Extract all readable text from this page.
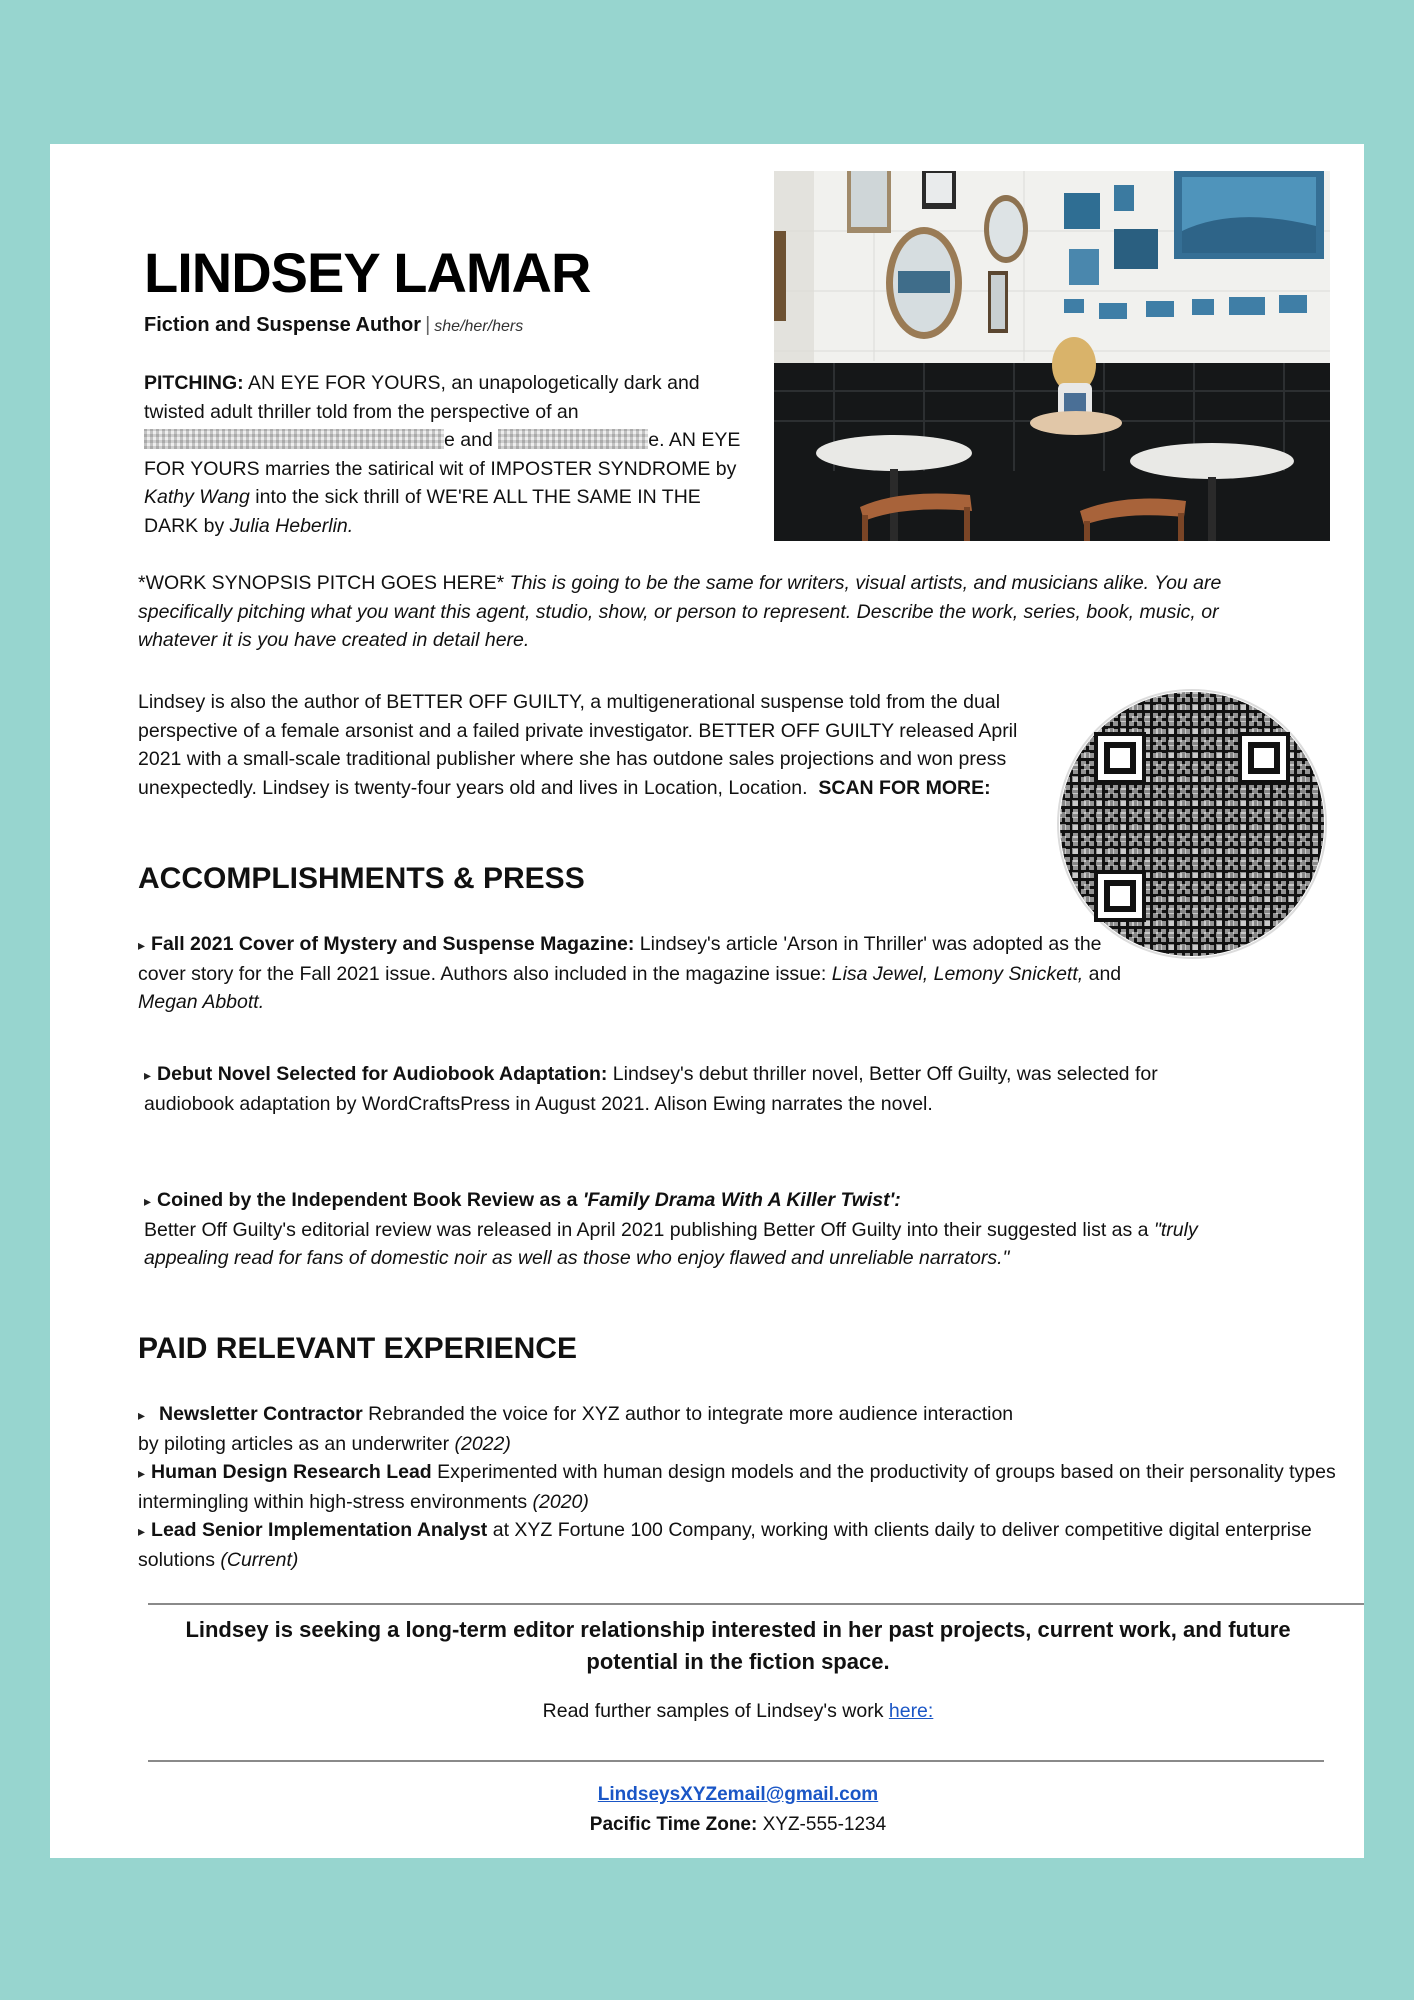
LINDSEY LAMAR
Fiction and Suspense Author | she/her/hers
PITCHING: AN EYE FOR YOURS, an unapologetically dark and twisted adult thriller told from the perspective of an e and	e. AN EYE FOR YOURS marries the satirical wit of IMPOSTER SYNDROME by Kathy Wang into the sick thrill of WE'RE ALL THE SAME IN THE DARK by Julia Heberlin.
*WORK SYNOPSIS PITCH GOES HERE* This is going to be the same for writers, visual artists, and musicians alike. You are specifically pitching what you want this agent, studio, show, or person to represent. Describe the work, series, book, music, or whatever it is you have created in detail here.
Lindsey is also the author of BETTER OFF GUILTY, a multigenerational suspense told from the dual perspective of a female arsonist and a failed private investigator. BETTER OFF GUILTY released April 2021 with a small-scale traditional publisher where she has outdone sales projections and won press unexpectedly. Lindsey is twenty-four years old and lives in Location, Location. SCAN FOR MORE:
ACCOMPLISHMENTS & PRESS
▸ Fall 2021 Cover of Mystery and Suspense Magazine: Lindsey's article 'Arson in Thriller' was adopted as the cover story for the Fall 2021 issue. Authors also included in the magazine issue: Lisa Jewel, Lemony Snickett, and Megan Abbott.
▸ Debut Novel Selected for Audiobook Adaptation: Lindsey's debut thriller novel, Better Off Guilty, was selected for audiobook adaptation by WordCraftsPress in August 2021. Alison Ewing narrates the novel.
▸ Coined by the Independent Book Review as a 'Family Drama With A Killer Twist':
Better Off Guilty's editorial review was released in April 2021 publishing Better Off Guilty into their suggested list as a "truly appealing read for fans of domestic noir as well as those who enjoy flawed and unreliable narrators."
PAID RELEVANT EXPERIENCE
▸ Newsletter Contractor Rebranded the voice for XYZ author to integrate more audience interaction by piloting articles as an underwriter (2022)
▸ Human Design Research Lead Experimented with human design models and the productivity of groups based on their personality types intermingling within high-stress environments (2020)
▸ Lead Senior Implementation Analyst at XYZ Fortune 100 Company, working with clients daily to deliver competitive digital enterprise solutions (Current)
Lindsey is seeking a long-term editor relationship interested in her past projects, current work, and future potential in the fiction space.
Read further samples of Lindsey's work here:
LindseysXYZemail@gmail.com
Pacific Time Zone: XYZ-555-1234
